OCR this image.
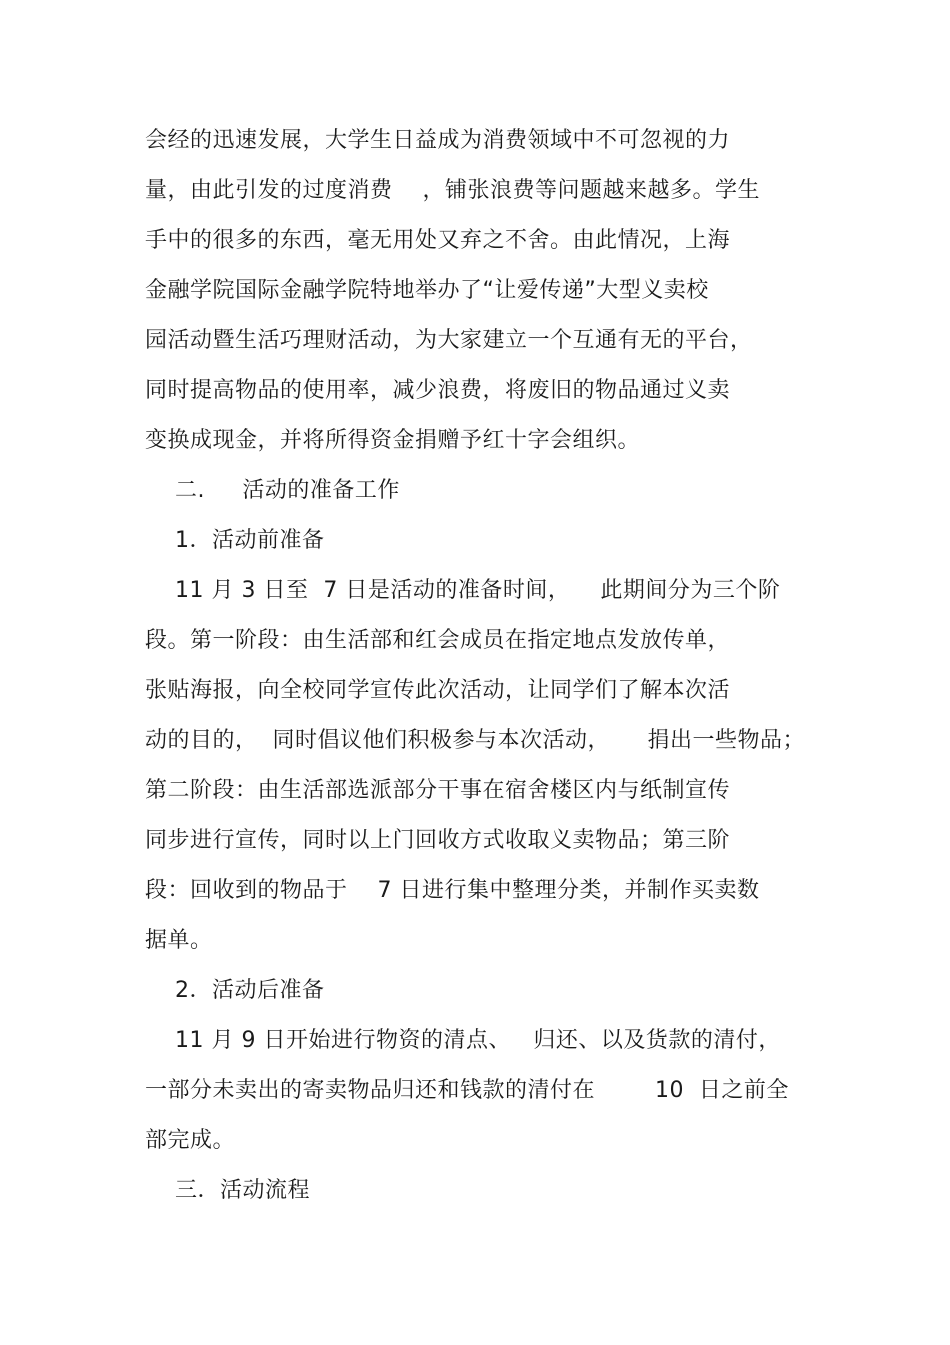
会经的迅速发展，大学生日益成为消费领域中不可忽视的力
量，由此引发的过度消费    ，铺张浪费等问题越来越多。学生
手中的很多的东西，毫无用处又弃之不舍。由此情况，上海
金融学院国际金融学院特地举办了“让爱传递”大型义卖校
园活动暨生活巧理财活动，为大家建立一个互通有无的平台，
同时提高物品的使用率，减少浪费，将废旧的物品通过义卖
变换成现金，并将所得资金捐赠予红十字会组织。
二.     活动的准备工作
1．活动前准备
11 月 3 日至  7 日是活动的准备时间，    此期间分为三个阶
段。第一阶段：由生活部和红会成员在指定地点发放传单，
张贴海报，向全校同学宣传此次活动，让同学们了解本次活
动的目的，  同时倡议他们积极参与本次活动，     捐出一些物品；
第二阶段：由生活部选派部分干事在宿舍楼区内与纸制宣传
同步进行宣传，同时以上门回收方式收取义卖物品；第三阶
段：回收到的物品于    7 日进行集中整理分类，并制作买卖数
据单。
2．活动后准备
11 月 9 日开始进行物资的清点、   归还、以及货款的清付，
一部分未卖出的寄卖物品归还和钱款的清付在        10  日之前全
部完成。
三．活动流程
